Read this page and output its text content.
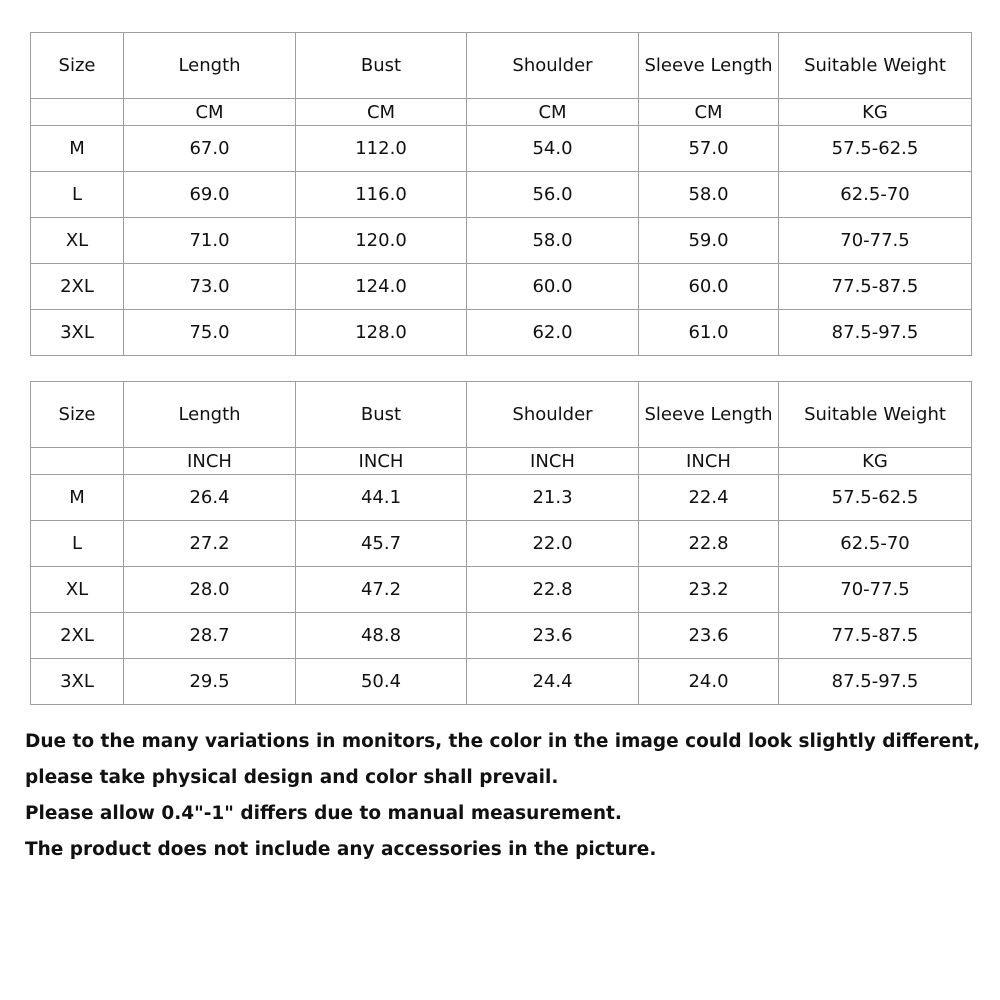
Size	Length	Bust	Shoulder	Sleeve Length	Suitable Weight
	CM	CM	CM	CM	KG
M	67.0	112.0	54.0	57.0	57.5-62.5
L	69.0	116.0	56.0	58.0	62.5-70
XL	71.0	120.0	58.0	59.0	70-77.5
2XL	73.0	124.0	60.0	60.0	77.5-87.5
3XL	75.0	128.0	62.0	61.0	87.5-97.5
Size	Length	Bust	Shoulder	Sleeve Length	Suitable Weight
	INCH	INCH	INCH	INCH	KG
M	26.4	44.1	21.3	22.4	57.5-62.5
L	27.2	45.7	22.0	22.8	62.5-70
XL	28.0	47.2	22.8	23.2	70-77.5
2XL	28.7	48.8	23.6	23.6	77.5-87.5
3XL	29.5	50.4	24.4	24.0	87.5-97.5

Due to the many variations in monitors, the color in the image could look slightly different,

please take physical design and color shall prevail.

Please allow 0.4"-1" differs due to manual measurement.

The product does not include any accessories in the picture.
